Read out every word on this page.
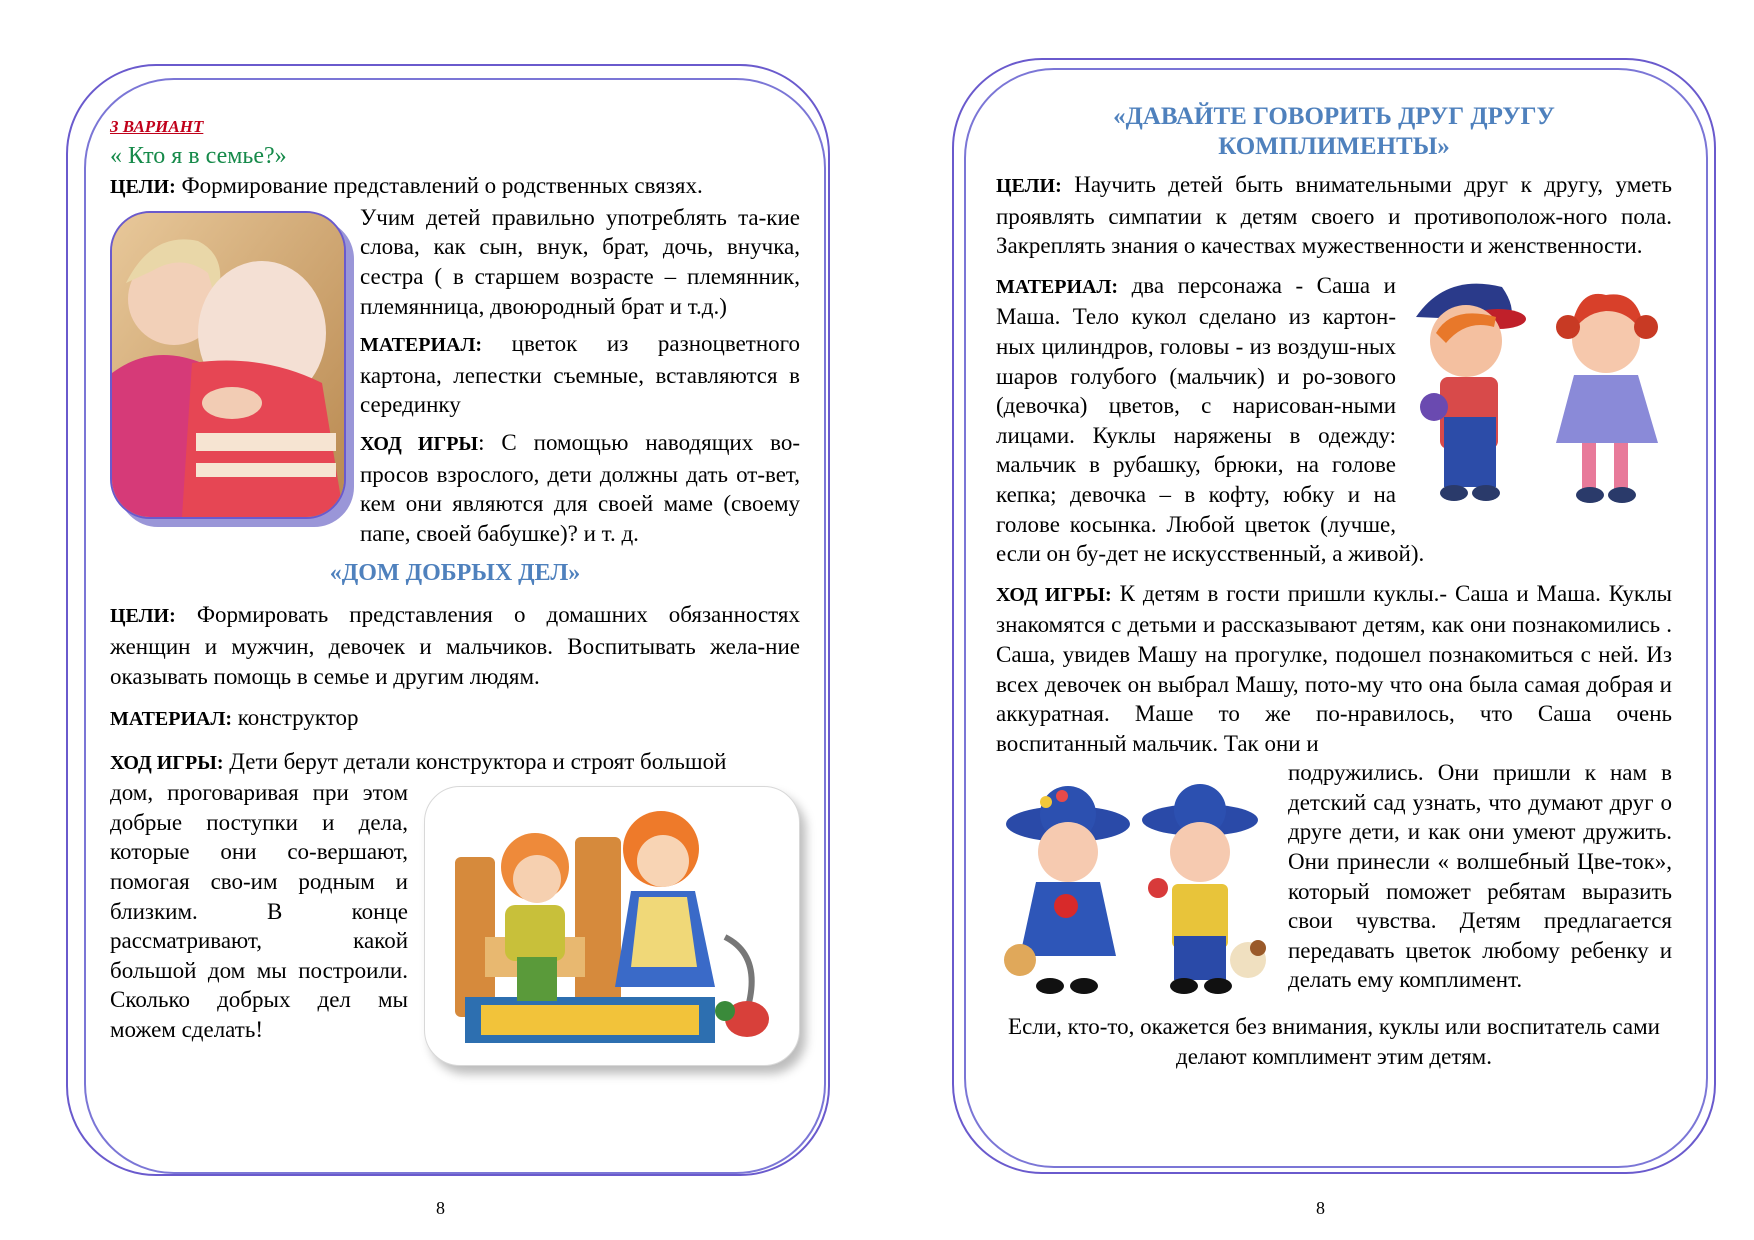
3 ВАРИАНТ

« Кто я в семье?»

ЦЕЛИ: Формирование представлений о родственных связях.

Учим детей правильно употреблять та-кие слова, как сын, внук, брат, дочь, внучка, сестра ( в старшем возрасте – племянник, племянница, двоюродный брат и т.д.)

МАТЕРИАЛ: цветок из разноцветного картона, лепестки съемные, вставляются в серединку

ХОД ИГРЫ: С помощью наводящих во-просов взрослого, дети должны дать от-вет, кем они являются для своей маме (своему папе, своей бабушке)? и т. д.

«ДОМ ДОБРЫХ ДЕЛ»

ЦЕЛИ: Формировать представления о домашних обязанностях женщин и мужчин, девочек и мальчиков. Воспитывать жела-ние оказывать помощь в семье и другим людям.

МАТЕРИАЛ: конструктор

ХОД ИГРЫ: Дети берут детали конструктора и строят большой

дом, проговаривая при этом добрые поступки и дела, которые они со-вершают, помогая сво-им родным и близким. В конце рассматривают, какой большой дом мы построили. Сколько добрых дел мы можем сделать!

8

«ДАВАЙТЕ ГОВОРИТЬ ДРУГ ДРУГУ КОМПЛИМЕНТЫ»

ЦЕЛИ: Научить детей быть внимательными друг к другу, уметь проявлять симпатии к детям своего и противополож-ного пола. Закреплять знания о качествах мужественности и женственности.

МАТЕРИАЛ: два персонажа - Саша и Маша. Тело кукол сделано из картон-ных цилиндров, головы - из воздуш-ных шаров голубого (мальчик) и ро-зового (девочка) цветов, с нарисован-ными лицами. Куклы наряжены в одежду: мальчик в рубашку, брюки, на голове кепка; девочка – в кофту, юбку и на голове косынка. Любой цветок (лучше, если он бу-дет не искусственный, а живой).

ХОД ИГРЫ: К детям в гости пришли куклы.- Саша и Маша. Куклы знакомятся с детьми и рассказывают детям, как они познакомились . Саша, увидев Машу на прогулке, подошел познакомиться с ней. Из всех девочек он выбрал Машу, пото-му что она была самая добрая и аккуратная. Маше то же по-нравилось, что Саша очень воспитанный мальчик. Так они и

подружились. Они пришли к нам в детский сад узнать, что думают друг о друге дети, и как они умеют дружить. Они принесли « волшебный Цве-ток», который поможет ребятам выразить свои чувства. Детям предлагается передавать цветок любому ребенку и делать ему комплимент.

Если, кто-то, окажется без внимания, куклы или воспитатель сами делают комплимент этим детям.

8
